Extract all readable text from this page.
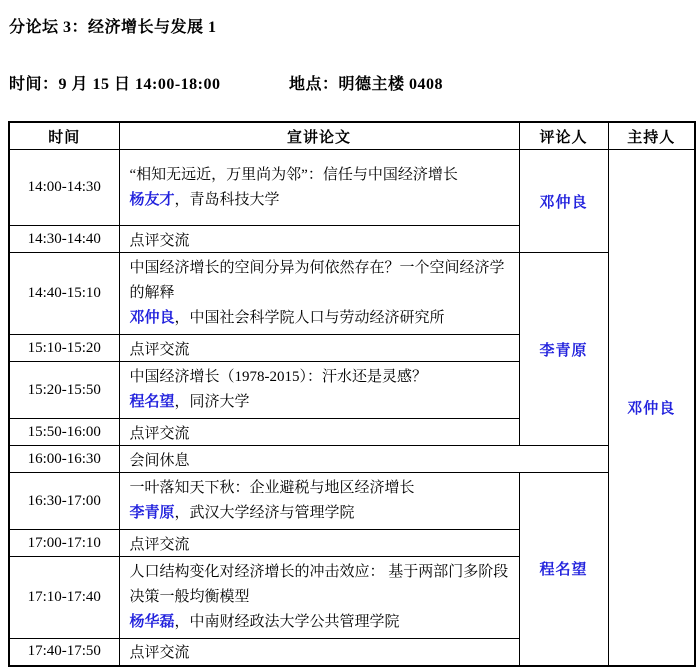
分论坛 3：经济增长与发展 1
时间：9 月 15 日 14:00-18:00	地点：明德主楼 0408
时间	宣讲论文	评论人	主持人
14:00-14:30	“相知无远近，万里尚为邻”：信任与中国经济增长
杨友才，青岛科技大学	邓仲良	邓仲良
14:30-14:40	点评交流		
14:40-15:10	中国经济增长的空间分异为何依然存在？一个空间经济学的解释
邓仲良，中国社会科学院人口与劳动经济研究所	李青原	
15:10-15:20	点评交流		
15:20-15:50	中国经济增长（1978-2015）：汗水还是灵感？
程名望，同济大学		

15:50-16:00	点评交流		
16:00-16:30	会间休息		
16:30-17:00	一叶落知天下秋：企业避税与地区经济增长
李青原，武汉大学经济与管理学院	程名望	
17:00-17:10	点评交流		
17:10-17:40	人口结构变化对经济增长的冲击效应： 基于两部门多阶段决策一般均衡模型
杨华磊，中南财经政法大学公共管理学院		

17:40-17:50	点评交流		
